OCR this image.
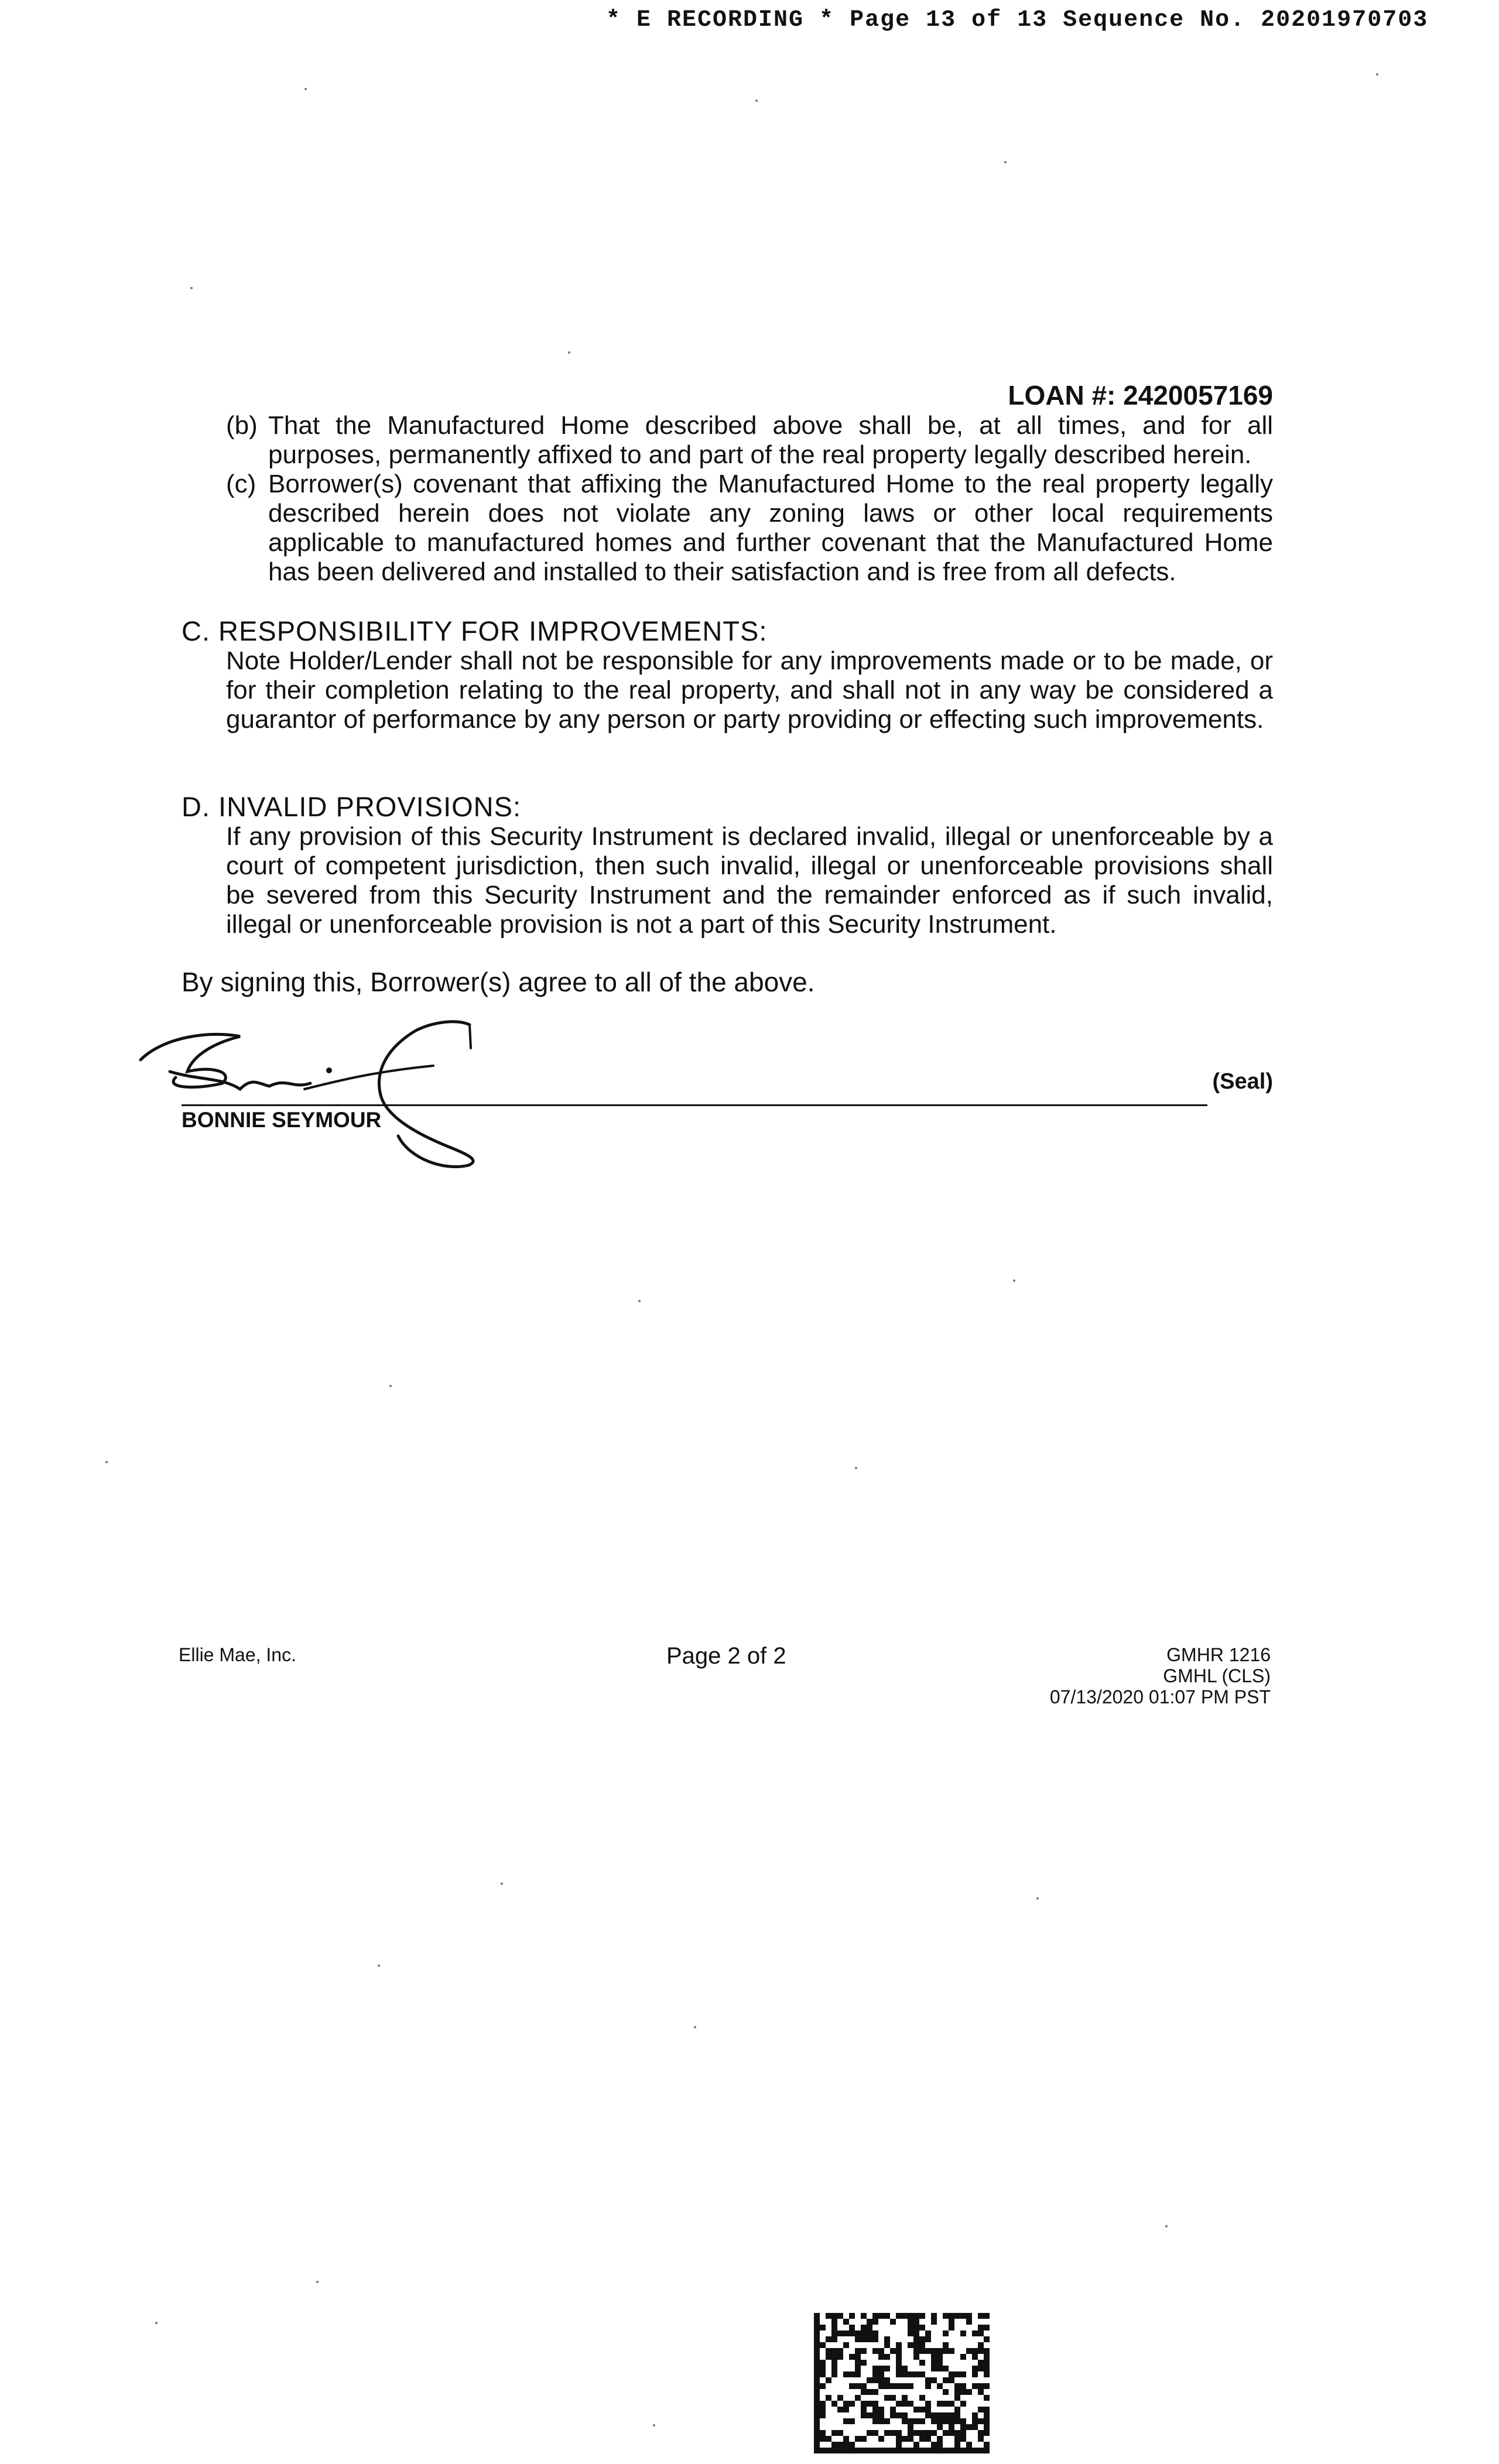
* E RECORDING * Page 13 of 13 Sequence No. 20201970703
LOAN #: 2420057169
(b) That the Manufactured Home described above shall be, at all times, and for all purposes, permanently affixed to and part of the real property legally described herein.
(c) Borrower(s) covenant that affixing the Manufactured Home to the real property legally described herein does not violate any zoning laws or other local requirements applicable to manufactured homes and further covenant that the Manufactured Home has been delivered and installed to their satisfaction and is free from all defects.
C. RESPONSIBILITY FOR IMPROVEMENTS:
Note Holder/Lender shall not be responsible for any improvements made or to be made, or for their completion relating to the real property, and shall not in any way be considered a guarantor of performance by any person or party providing or effecting such improvements.
D. INVALID PROVISIONS:
If any provision of this Security Instrument is declared invalid, illegal or unenforceable by a court of competent jurisdiction, then such invalid, illegal or unenforceable provisions shall be severed from this Security Instrument and the remainder enforced as if such invalid, illegal or unenforceable provision is not a part of this Security Instrument.
By signing this, Borrower(s) agree to all of the above.
(Seal)
BONNIE SEYMOUR
Ellie Mae, Inc.	Page 2 of 2	GMHR 1216
GMHL (CLS)
07/13/2020 01:07 PM PST
